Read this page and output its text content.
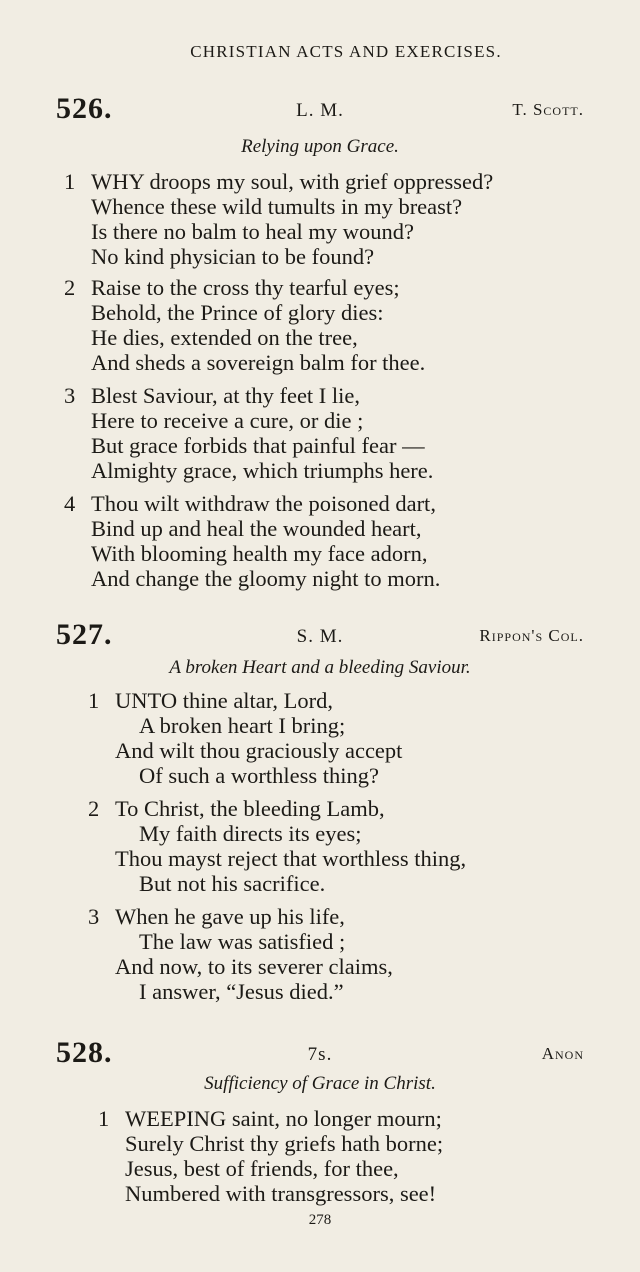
CHRISTIAN ACTS AND EXERCISES.
526.	L. M.	T. Scott.
Relying upon Grace.
1 WHY droops my soul, with grief oppressed?
Whence these wild tumults in my breast?
Is there no balm to heal my wound?
No kind physician to be found?
2 Raise to the cross thy tearful eyes;
Behold, the Prince of glory dies:
He dies, extended on the tree,
And sheds a sovereign balm for thee.
3 Blest Saviour, at thy feet I lie,
Here to receive a cure, or die ;
But grace forbids that painful fear —
Almighty grace, which triumphs here.
4 Thou wilt withdraw the poisoned dart,
Bind up and heal the wounded heart,
With blooming health my face adorn,
And change the gloomy night to morn.
527.	S. M.	Rippon's Col.
A broken Heart and a bleeding Saviour.
1 UNTO thine altar, Lord,
A broken heart I bring;
And wilt thou graciously accept
Of such a worthless thing?
2 To Christ, the bleeding Lamb,
My faith directs its eyes;
Thou mayst reject that worthless thing,
But not his sacrifice.
3 When he gave up his life,
The law was satisfied ;
And now, to its severer claims,
I answer, “Jesus died.”
528.	7s.	Anon
Sufficiency of Grace in Christ.
1 WEEPING saint, no longer mourn;
Surely Christ thy griefs hath borne;
Jesus, best of friends, for thee,
Numbered with transgressors, see!
278
